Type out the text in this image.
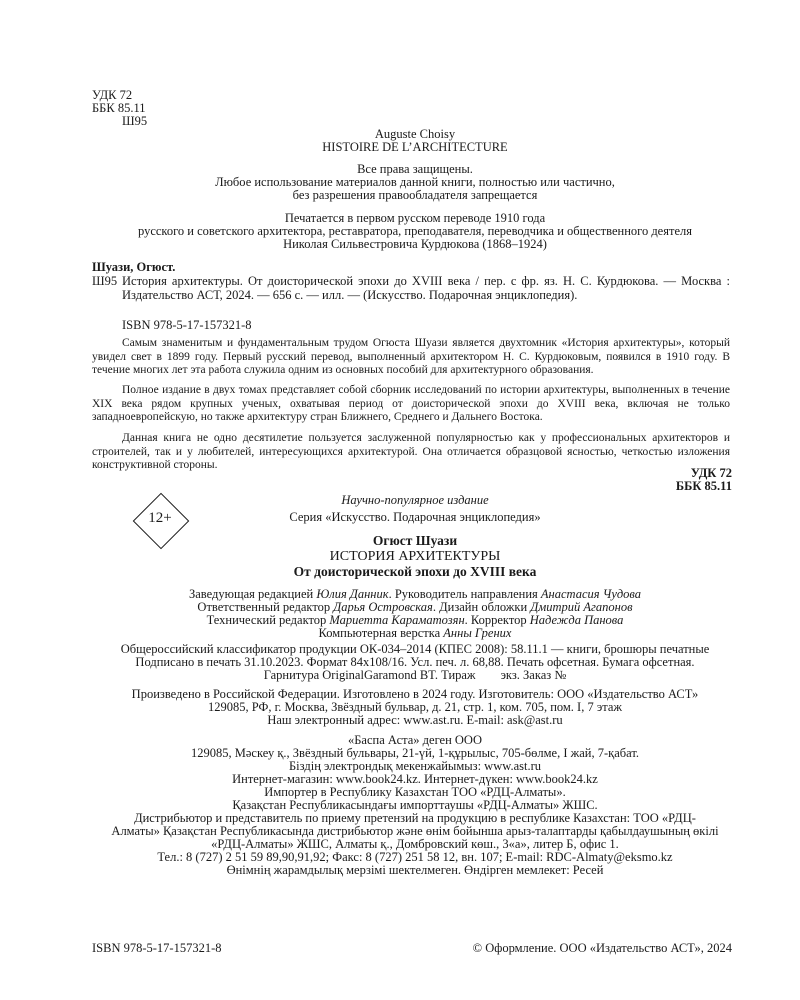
УДК 72
ББК 85.11
Ш95
Auguste Choisy
HISTOIRE DE L’ARCHITECTURE
Все права защищены.
Любое использование материалов данной книги, полностью или частично,
без разрешения правообладателя запрещается
Печатается в первом русском переводе 1910 года
русского и советского архитектора, реставратора, преподавателя, переводчика и общественного деятеля
Николая Сильвестровича Курдюкова (1868–1924)
Шуази, Огюст.
Ш95 История архитектуры. От доисторической эпохи до XVIII века / пер. с фр. яз. Н. С. Курдюкова. — Москва : Издательство АСТ, 2024. — 656 с. — илл. — (Искусство. Подарочная энциклопедия).
ISBN 978-5-17-157321-8
Самым знаменитым и фундаментальным трудом Огюста Шуази является двухтомник «История архитектуры», который увидел свет в 1899 году. Первый русский перевод, выполненный архитектором Н. С. Курдюковым, появился в 1910 году. В течение многих лет эта работа служила одним из основных пособий для архитектурного образования.
Полное издание в двух томах представляет собой сборник исследований по истории архитектуры, выполненных в течение XIX века рядом крупных ученых, охватывая период от доисторической эпохи до XVIII века, включая не только западноевропейскую, но также архитектуру стран Ближнего, Среднего и Дальнего Востока.
Данная книга не одно десятилетие пользуется заслуженной популярностью как у профессиональных архитекторов и строителей, так и у любителей, интересующихся архитектурой. Она отличается образцовой ясностью, четкостью изложения конструктивной стороны.
УДК 72
ББК 85.11
12+
Научно-популярное издание
Серия «Искусство. Подарочная энциклопедия»
Огюст Шуази
ИСТОРИЯ АРХИТЕКТУРЫ
От доисторической эпохи до XVIII века
Заведующая редакцией Юлия Данник. Руководитель направления Анастасия Чудова
Ответственный редактор Дарья Островская. Дизайн обложки Дмитрий Агапонов
Технический редактор Мариетта Караматозян. Корректор Надежда Панова
Компьютерная верстка Анны Грених
Общероссийский классификатор продукции ОК-034–2014 (КПЕС 2008): 58.11.1 — книги, брошюры печатные
Подписано в печать 31.10.2023. Формат 84x108/16. Усл. печ. л. 68,88. Печать офсетная. Бумага офсетная.
Гарнитура OriginalGaramond BT. Тираж        экз. Заказ №
Произведено в Российской Федерации. Изготовлено в 2024 году. Изготовитель: ООО «Издательство АСТ»
129085, РФ, г. Москва, Звёздный бульвар, д. 21, стр. 1, ком. 705, пом. I, 7 этаж
Наш электронный адрес: www.ast.ru. E-mail: ask@ast.ru
«Баспа Аста» деген ООО
129085, Мәскеу қ., Звёздный бульвары, 21-үй, 1-құрылыс, 705-бөлме, I жай, 7-қабат.
Біздің электрондық мекенжайымыз: www.ast.ru
Интернет-магазин: www.book24.kz. Интернет-дүкен: www.book24.kz
Импортер в Республику Казахстан ТОО «РДЦ-Алматы».
Қазақстан Республикасындағы импорттаушы «РДЦ-Алматы» ЖШС.
Дистрибьютор и представитель по приему претензий на продукцию в республике Казахстан: ТОО «РДЦ-
Алматы» Қазақстан Республикасында дистрибьютор және өнім бойынша арыз-талаптарды қабылдаушының өкілі
«РДЦ-Алматы» ЖШС, Алматы қ., Домбровский көш., 3«а», литер Б, офис 1.
Тел.: 8 (727) 2 51 59 89,90,91,92; Факс: 8 (727) 251 58 12, вн. 107; E-mail: RDC-Almaty@eksmo.kz
Өнімнің жарамдылық мерзімі шектелмеген. Өндірген мемлекет: Ресей
ISBN 978-5-17-157321-8	© Оформление. ООО «Издательство АСТ», 2024
